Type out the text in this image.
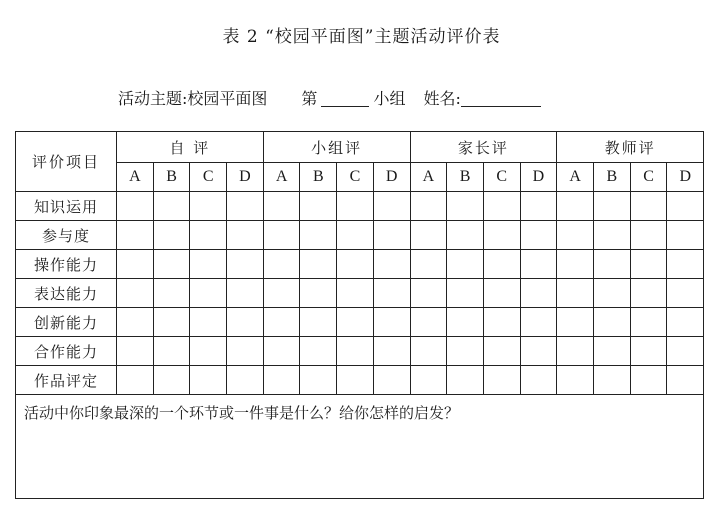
表 2 “校园平面图”主题活动评价表
活动主题:校园平面图 第	小组 姓名:
评价项目	自 评				小组评				家长评				教师评			
	A	B	C	D	A	B	C	D	A	B	C	D	A	B	C	D
知识运用																
参与度																
操作能力																
表达能力																
创新能力																
合作能力																
作品评定																
活动中你印象最深的一个环节或一件事是什么？给你怎样的启发？																
